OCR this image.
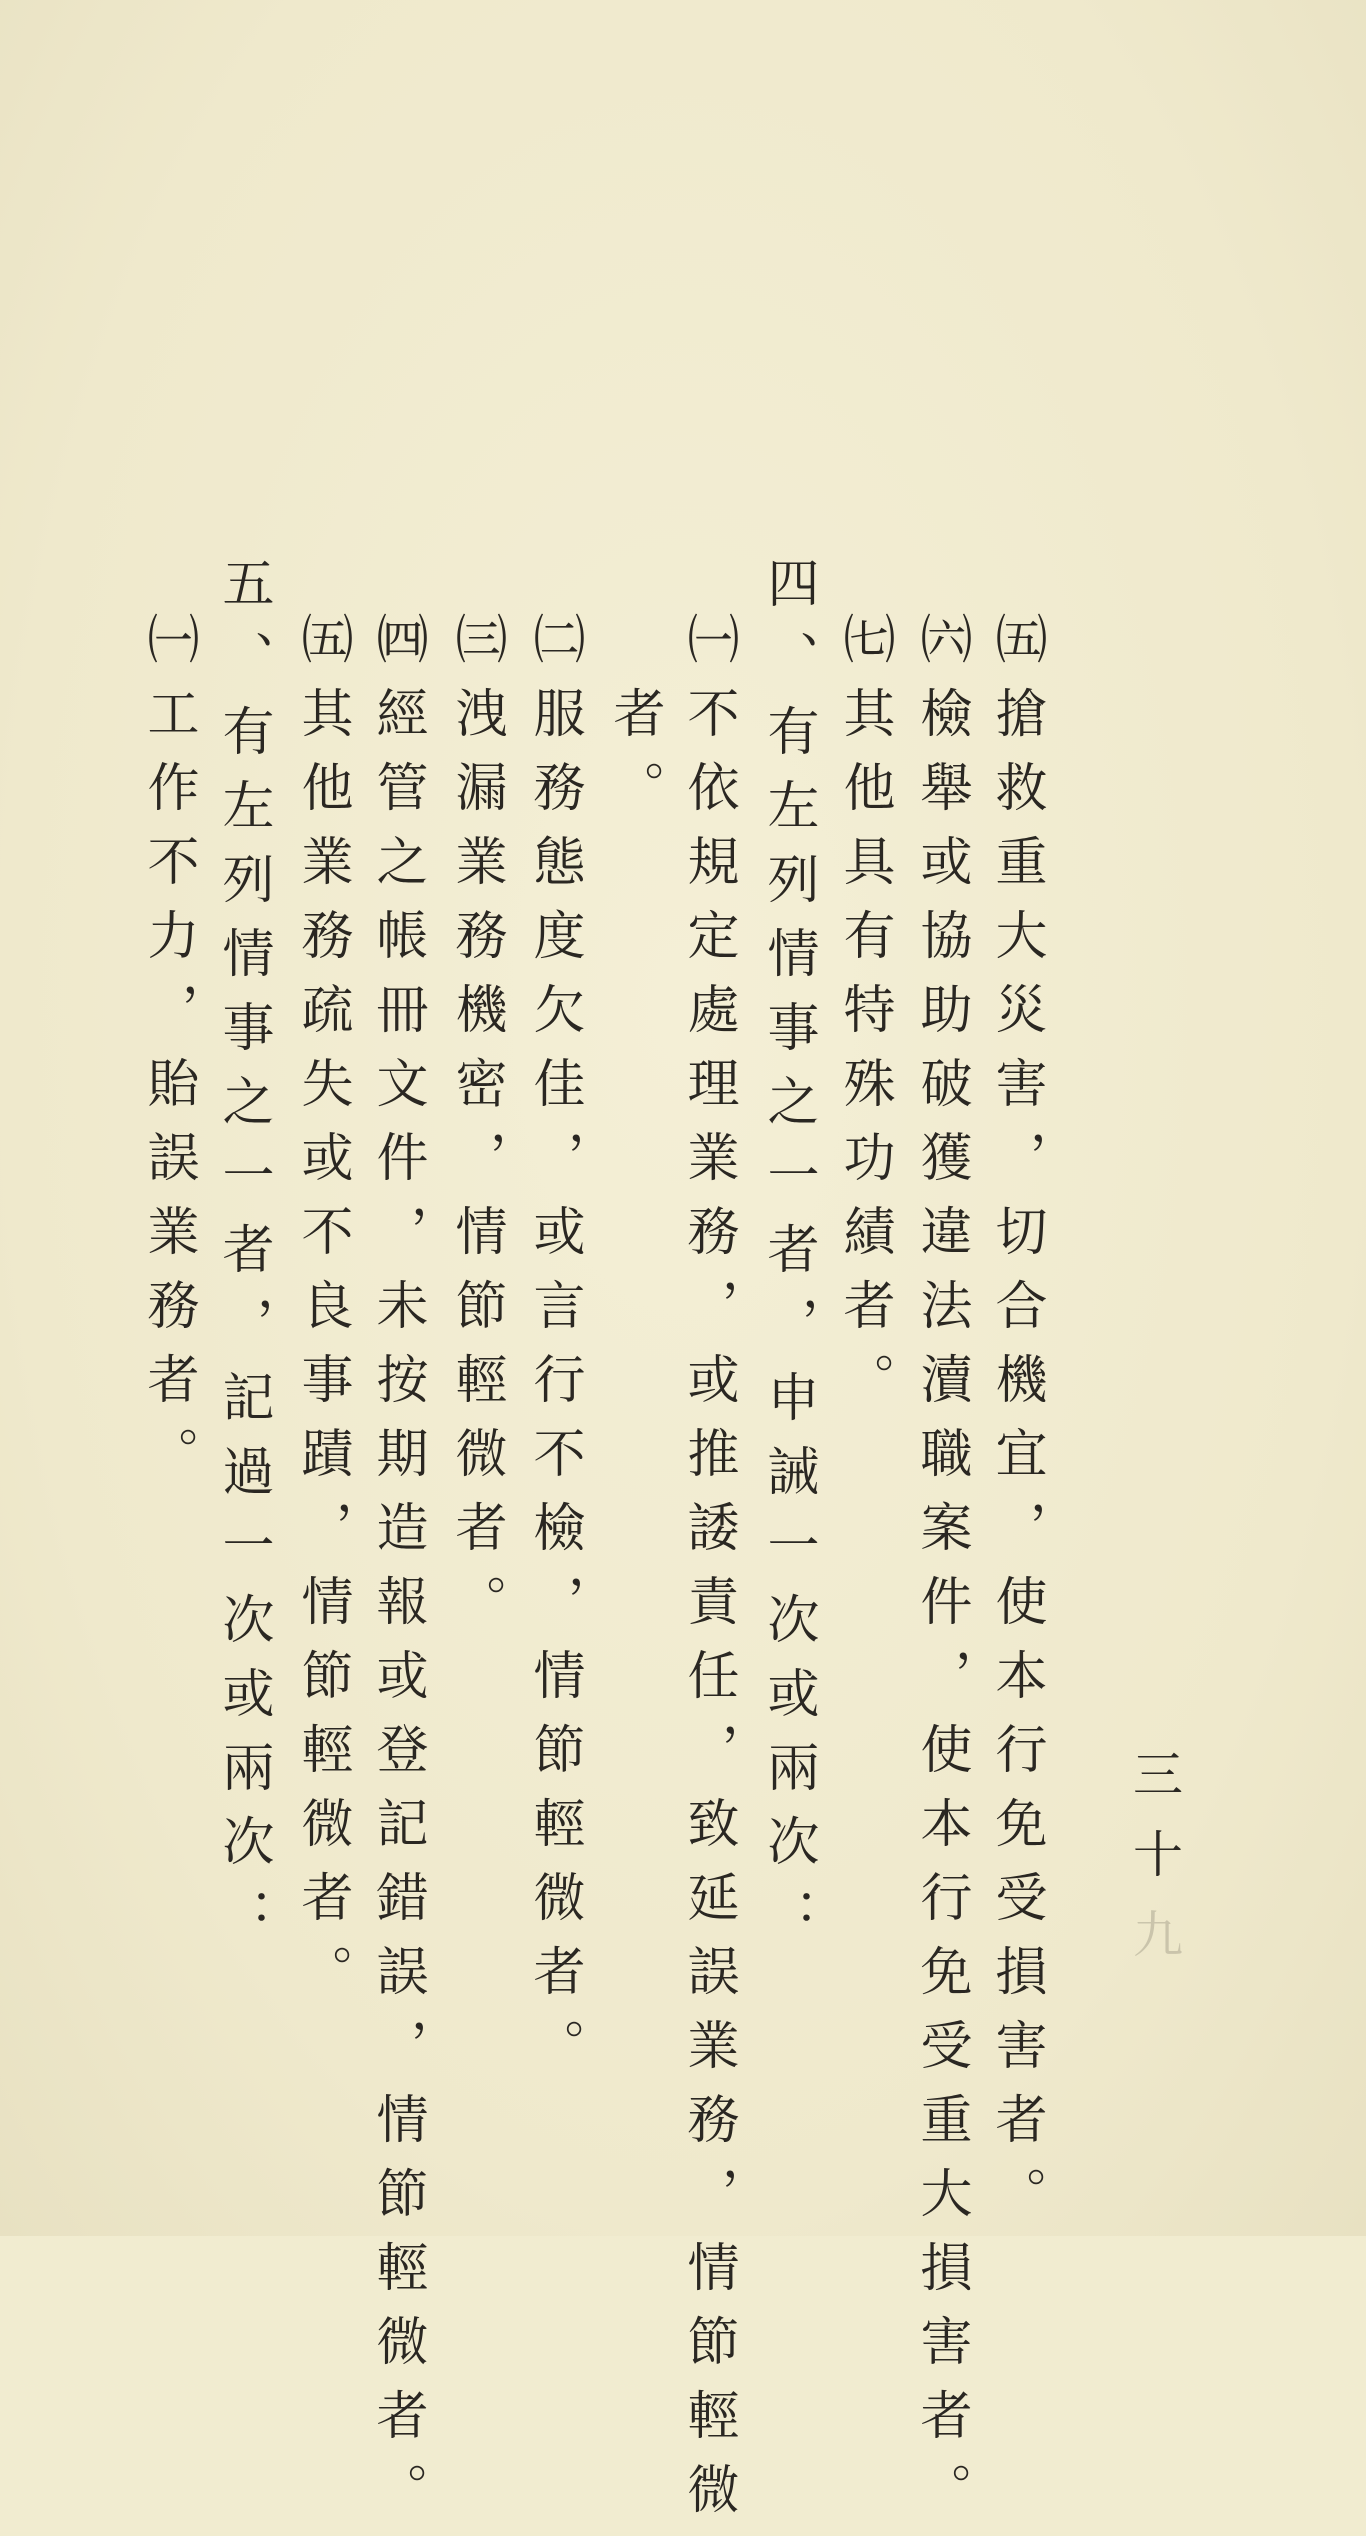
三十九
㈤搶救重大災害，切合機宜，使本行免受損害者。
㈥檢舉或協助破獲違法瀆職案件，使本行免受重大損害者。
㈦其他具有特殊功績者。
四、有左列情事之一者，申誡一次或兩次：
㈠不依規定處理業務，或推諉責任，致延誤業務，情節輕微
者。
㈡服務態度欠佳，或言行不檢，情節輕微者。
㈢洩漏業務機密，情節輕微者。
㈣經管之帳冊文件，未按期造報或登記錯誤，情節輕微者。
㈤其他業務疏失或不良事蹟，情節輕微者。
五、有左列情事之一者，記過一次或兩次：
㈠工作不力，貽誤業務者。
